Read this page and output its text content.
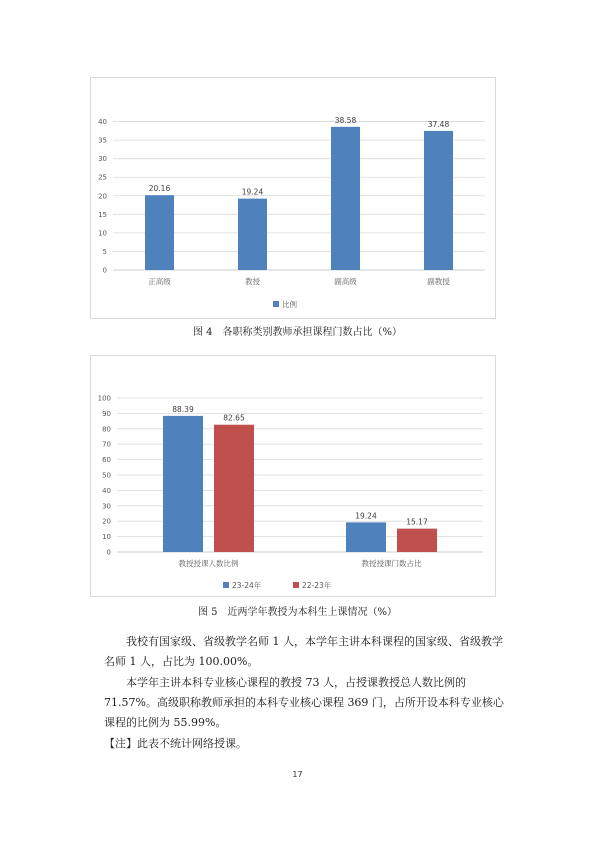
0
5
10
15
20
25
30
35
40
20.16
正高级
19.24
教授
38.58
副高级
37.48
副教授
比例
图 4　各职称类别教师承担课程门数占比（%）
0
10
20
30
40
50
60
70
80
90
100
88.39
82.65
教授授课人数比例
19.24
15.17
教授授课门数占比
23-24年	22-23年
图 5　近两学年教授为本科生上课情况（%）

我校有国家级、省级教学名师 1 人，本学年主讲本科课程的国家级、省级教学名师 1 人，占比为 100.00%。

本学年主讲本科专业核心课程的教授 73 人，占授课教授总人数比例的 71.57%。高级职称教师承担的本科专业核心课程 369 门，占所开设本科专业核心课程的比例为 55.99%。

【注】此表不统计网络授课。

17
